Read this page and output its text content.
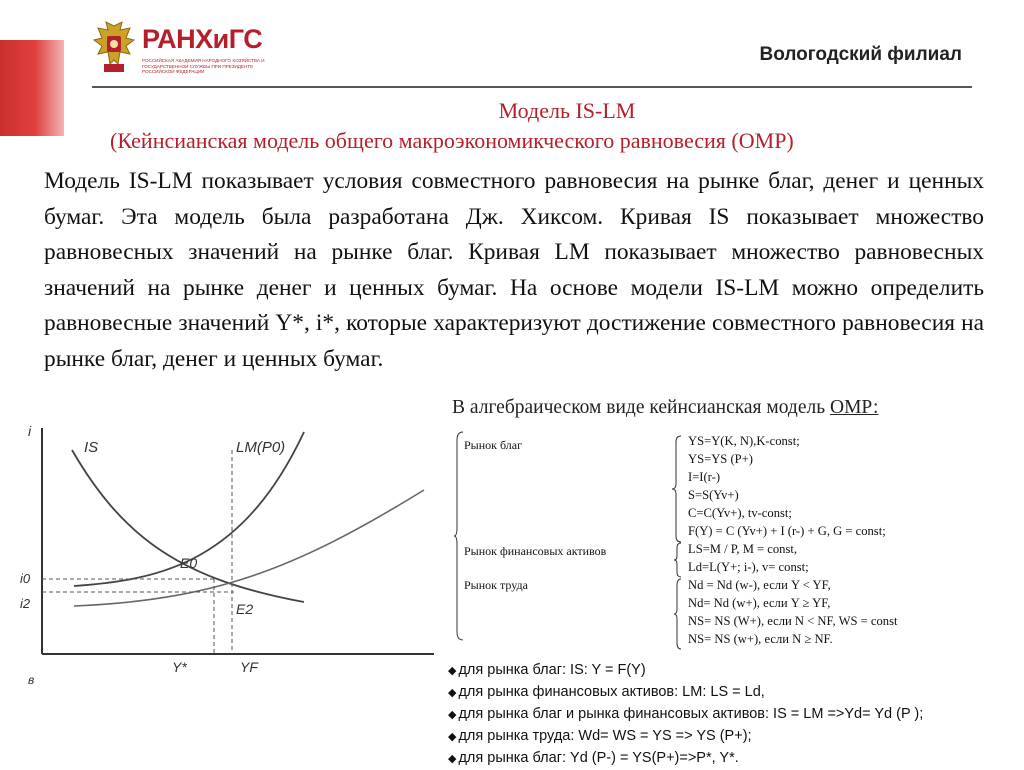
РАНХиГС
РОССИЙСКАЯ АКАДЕМИЯ НАРОДНОГО ХОЗЯЙСТВА И ГОСУДАРСТВЕННОЙ СЛУЖБЫ ПРИ ПРЕЗИДЕНТЕ РОССИЙСКОЙ ФЕДЕРАЦИИ
Вологодский филиал
Модель IS-LM
(Кейнсианская модель общего макроэкономикческого равновесия (ОМР)
Модель IS-LM показывает условия совместного равновесия на рынке благ, денег и ценных бумаг. Эта модель была разработана Дж. Хиксом. Кривая IS показывает множество равновесных значений на рынке благ. Кривая LM показывает множество равновесных значений на рынке денег и ценных бумаг. На основе модели IS-LM можно определить равновесные значений Y*, i*, которые характеризуют достижение совместного равновесия на рынке благ, денег и ценных бумаг.
В алгебраическом виде кейнсианская модель ОМР:
i
в
IS	LM(P0)
E0
E2
i0
i2
Y*	YF
Рынок благ	YS=Y(K, N),K-const;
YS=YS (P+)
I=I(r-)
S=S(Yv+)
C=C(Yv+), tv-const;
F(Y) = C (Yv+) + I (r-) + G, G = const;
Рынок финансовых активов	LS=M / P, M = const,
Ld=L(Y+; i-), v= const;
Рынок труда	Nd = Nd (w-), если Y < YF,
Nd= Nd (w+), если Y ≥ YF,
NS= NS (W+), если N < NF, WS = const
NS= NS (w+), если N ≥ NF.
◆ для рынка благ: IS: Y = F(Y)
◆ для рынка финансовых активов: LM: LS = Ld,
◆ для рынка благ и рынка финансовых активов: IS = LM =>Yd= Yd (P );
◆ для рынка труда: Wd= WS = YS => YS (P+);
◆ для рынка благ: Yd (P-) = YS(P+)=>P*, Y*.
